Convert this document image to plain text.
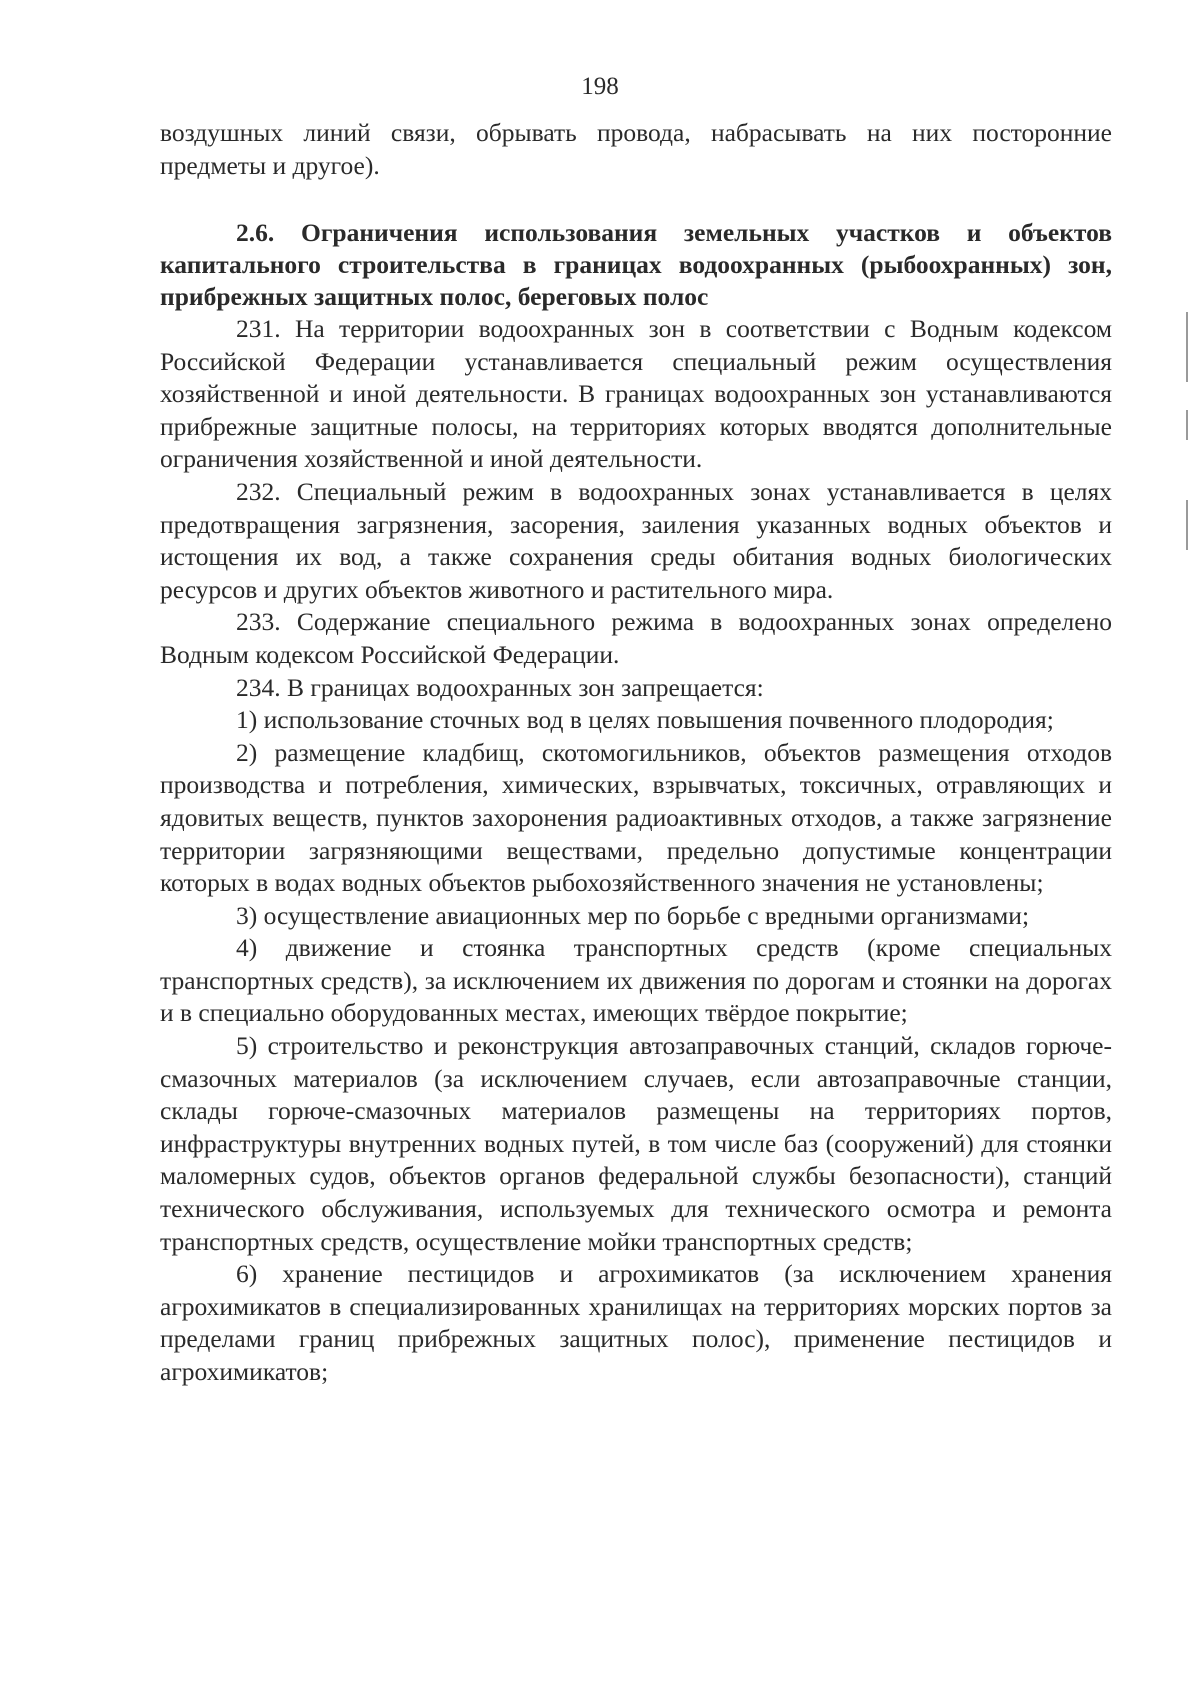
198

воздушных линий связи, обрывать провода, набрасывать на них посторонние предметы и другое).

2.6. Ограничения использования земельных участков и объектов капитального строительства в границах водоохранных (рыбоохранных) зон, прибрежных защитных полос, береговых полос

231. На территории водоохранных зон в соответствии с Водным кодексом Российской Федерации устанавливается специальный режим осуществления хозяйственной и иной деятельности. В границах водоохранных зон устанавливаются прибрежные защитные полосы, на территориях которых вводятся дополнительные ограничения хозяйственной и иной деятельности.

232. Специальный режим в водоохранных зонах устанавливается в целях предотвращения загрязнения, засорения, заиления указанных водных объектов и истощения их вод, а также сохранения среды обитания водных биологических ресурсов и других объектов животного и растительного мира.

233. Содержание специального режима в водоохранных зонах определено Водным кодексом Российской Федерации.

234. В границах водоохранных зон запрещается:

1) использование сточных вод в целях повышения почвенного плодородия;

2) размещение кладбищ, скотомогильников, объектов размещения отходов производства и потребления, химических, взрывчатых, токсичных, отравляющих и ядовитых веществ, пунктов захоронения радиоактивных отходов, а также загрязнение территории загрязняющими веществами, предельно допустимые концентрации которых в водах водных объектов рыбохозяйственного значения не установлены;

3) осуществление авиационных мер по борьбе с вредными организмами;

4) движение и стоянка транспортных средств (кроме специальных транспортных средств), за исключением их движения по дорогам и стоянки на дорогах и в специально оборудованных местах, имеющих твёрдое покрытие;

5) строительство и реконструкция автозаправочных станций, складов горюче-смазочных материалов (за исключением случаев, если автозаправочные станции, склады горюче-смазочных материалов размещены на территориях портов, инфраструктуры внутренних водных путей, в том числе баз (сооружений) для стоянки маломерных судов, объектов органов федеральной службы безопасности), станций технического обслуживания, используемых для технического осмотра и ремонта транспортных средств, осуществление мойки транспортных средств;

6) хранение пестицидов и агрохимикатов (за исключением хранения агрохимикатов в специализированных хранилищах на территориях морских портов за пределами границ прибрежных защитных полос), применение пестицидов и агрохимикатов;
